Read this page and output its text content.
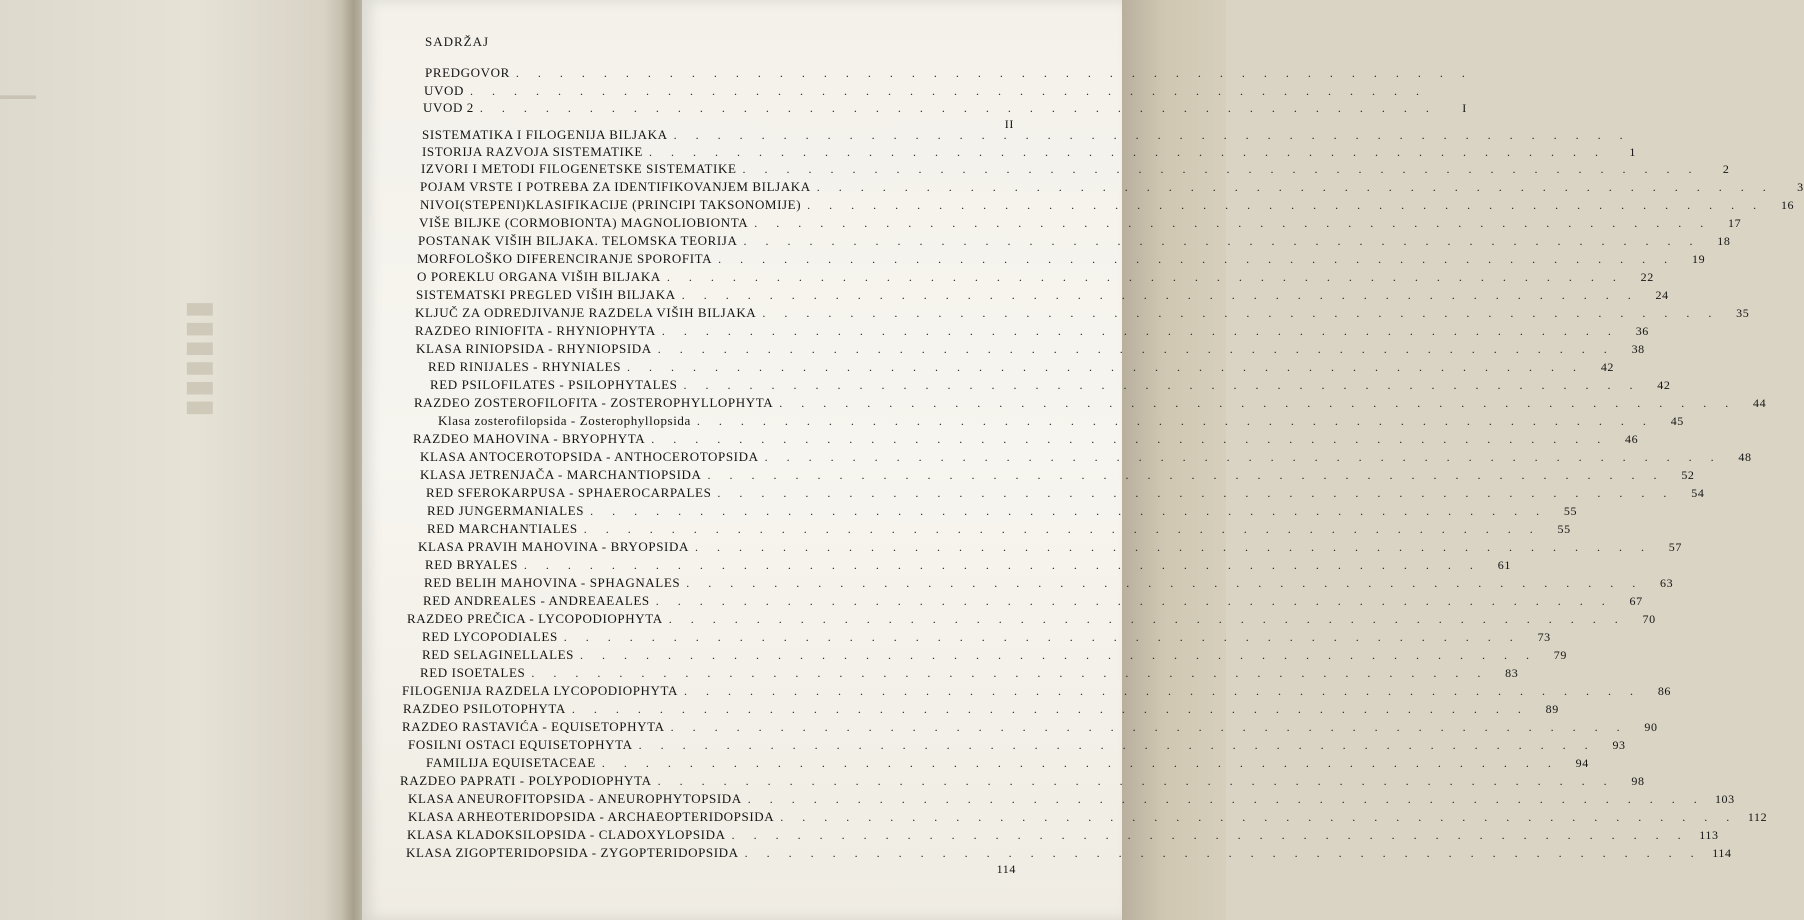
▮▮▮▮▮▮
▬▬▬
SADRŽAJ
PREDGOVOR . . . . . . . . . . . . . . . . . . . . . . . . . . . . . . . . . . . . . . . . . . . .
UVOD . . . . . . . . . . . . . . . . . . . . . . . . . . . . . . . . . . . . . . . . . . . .
UVOD 2 . . . . . . . . . . . . . . . . . . . . . . . . . . . . . . . . . . . . . . . . . . . .	I
II
SISTEMATIKA I FILOGENIJA BILJAKA . . . . . . . . . . . . . . . . . . . . . . . . . . . . . . . . . . . . . . . . . . . .
ISTORIJA RAZVOJA SISTEMATIKE . . . . . . . . . . . . . . . . . . . . . . . . . . . . . . . . . . . . . . . . . . . .	1
IZVORI I METODI FILOGENETSKE SISTEMATIKE . . . . . . . . . . . . . . . . . . . . . . . . . . . . . . . . . . . . . . . . . . . .	2
POJAM VRSTE I POTREBA ZA IDENTIFIKOVANJEM BILJAKA . . . . . . . . . . . . . . . . . . . . . . . . . . . . . . . . . . . . . . . . . . . .	3
NIVOI(STEPENI)KLASIFIKACIJE (PRINCIPI TAKSONOMIJE) . . . . . . . . . . . . . . . . . . . . . . . . . . . . . . . . . . . . . . . . . . . .	16
VIŠE BILJKE (CORMOBIONTA) MAGNOLIOBIONTA . . . . . . . . . . . . . . . . . . . . . . . . . . . . . . . . . . . . . . . . . . . .	17
POSTANAK VIŠIH BILJAKA. TELOMSKA TEORIJA . . . . . . . . . . . . . . . . . . . . . . . . . . . . . . . . . . . . . . . . . . . .	18
MORFOLOŠKO DIFERENCIRANJE SPOROFITA . . . . . . . . . . . . . . . . . . . . . . . . . . . . . . . . . . . . . . . . . . . .	19
O POREKLU ORGANA VIŠIH BILJAKA . . . . . . . . . . . . . . . . . . . . . . . . . . . . . . . . . . . . . . . . . . . .	22
SISTEMATSKI PREGLED VIŠIH BILJAKA . . . . . . . . . . . . . . . . . . . . . . . . . . . . . . . . . . . . . . . . . . . .	24
KLJUČ ZA ODREDJIVANJE RAZDELA VIŠIH BILJAKA . . . . . . . . . . . . . . . . . . . . . . . . . . . . . . . . . . . . . . . . . . . .	35
RAZDEO RINIOFITA - RHYNIOPHYTA . . . . . . . . . . . . . . . . . . . . . . . . . . . . . . . . . . . . . . . . . . . .	36
KLASA RINIOPSIDA - RHYNIOPSIDA . . . . . . . . . . . . . . . . . . . . . . . . . . . . . . . . . . . . . . . . . . . .	38
RED RINIJALES - RHYNIALES . . . . . . . . . . . . . . . . . . . . . . . . . . . . . . . . . . . . . . . . . . . .	42
RED PSILOFILATES - PSILOPHYTALES . . . . . . . . . . . . . . . . . . . . . . . . . . . . . . . . . . . . . . . . . . . .	42
RAZDEO ZOSTEROFILOFITA - ZOSTEROPHYLLOPHYTA . . . . . . . . . . . . . . . . . . . . . . . . . . . . . . . . . . . . . . . . . . . .	44
Klasa zosterofilopsida - Zosterophyllopsida . . . . . . . . . . . . . . . . . . . . . . . . . . . . . . . . . . . . . . . . . . . .	45
RAZDEO MAHOVINA - BRYOPHYTA . . . . . . . . . . . . . . . . . . . . . . . . . . . . . . . . . . . . . . . . . . . .	46
KLASA ANTOCEROTOPSIDA - ANTHOCEROTOPSIDA . . . . . . . . . . . . . . . . . . . . . . . . . . . . . . . . . . . . . . . . . . . .	48
KLASA JETRENJAČA - MARCHANTIOPSIDA . . . . . . . . . . . . . . . . . . . . . . . . . . . . . . . . . . . . . . . . . . . .	52
RED SFEROKARPUSA - SPHAEROCARPALES . . . . . . . . . . . . . . . . . . . . . . . . . . . . . . . . . . . . . . . . . . . .	54
RED JUNGERMANIALES . . . . . . . . . . . . . . . . . . . . . . . . . . . . . . . . . . . . . . . . . . . .	55
RED MARCHANTIALES . . . . . . . . . . . . . . . . . . . . . . . . . . . . . . . . . . . . . . . . . . . .	55
KLASA PRAVIH MAHOVINA - BRYOPSIDA . . . . . . . . . . . . . . . . . . . . . . . . . . . . . . . . . . . . . . . . . . . .	57
RED BRYALES . . . . . . . . . . . . . . . . . . . . . . . . . . . . . . . . . . . . . . . . . . . .	61
RED BELIH MAHOVINA - SPHAGNALES . . . . . . . . . . . . . . . . . . . . . . . . . . . . . . . . . . . . . . . . . . . .	63
RED ANDREALES - ANDREAEALES . . . . . . . . . . . . . . . . . . . . . . . . . . . . . . . . . . . . . . . . . . . .	67
RAZDEO PREČICA - LYCOPODIOPHYTA . . . . . . . . . . . . . . . . . . . . . . . . . . . . . . . . . . . . . . . . . . . .	70
RED LYCOPODIALES . . . . . . . . . . . . . . . . . . . . . . . . . . . . . . . . . . . . . . . . . . . .	73
RED SELAGINELLALES . . . . . . . . . . . . . . . . . . . . . . . . . . . . . . . . . . . . . . . . . . . .	79
RED ISOETALES . . . . . . . . . . . . . . . . . . . . . . . . . . . . . . . . . . . . . . . . . . . .	83
FILOGENIJA RAZDELA LYCOPODIOPHYTA . . . . . . . . . . . . . . . . . . . . . . . . . . . . . . . . . . . . . . . . . . . .	86
RAZDEO PSILOTOPHYTA . . . . . . . . . . . . . . . . . . . . . . . . . . . . . . . . . . . . . . . . . . . .	89
RAZDEO RASTAVIĆA - EQUISETOPHYTA . . . . . . . . . . . . . . . . . . . . . . . . . . . . . . . . . . . . . . . . . . . .	90
FOSILNI OSTACI EQUISETOPHYTA . . . . . . . . . . . . . . . . . . . . . . . . . . . . . . . . . . . . . . . . . . . .	93
FAMILIJA EQUISETACEAE . . . . . . . . . . . . . . . . . . . . . . . . . . . . . . . . . . . . . . . . . . . .	94
RAZDEO PAPRATI - POLYPODIOPHYTA . . . . . . . . . . . . . . . . . . . . . . . . . . . . . . . . . . . . . . . . . . . .	98
KLASA ANEUROFITOPSIDA - ANEUROPHYTOPSIDA . . . . . . . . . . . . . . . . . . . . . . . . . . . . . . . . . . . . . . . . . . . . 103
KLASA ARHEOTERIDOPSIDA - ARCHAEOPTERIDOPSIDA . . . . . . . . . . . . . . . . . . . . . . . . . . . . . . . . . . . . . . . . . . . . 112
KLASA KLADOKSILOPSIDA - CLADOXYLOPSIDA . . . . . . . . . . . . . . . . . . . . . . . . . . . . . . . . . . . . . . . . . . . . 113
KLASA ZIGOPTERIDOPSIDA - ZYGOPTERIDOPSIDA . . . . . . . . . . . . . . . . . . . . . . . . . . . . . . . . . . . . . . . . . . . . 114
114
